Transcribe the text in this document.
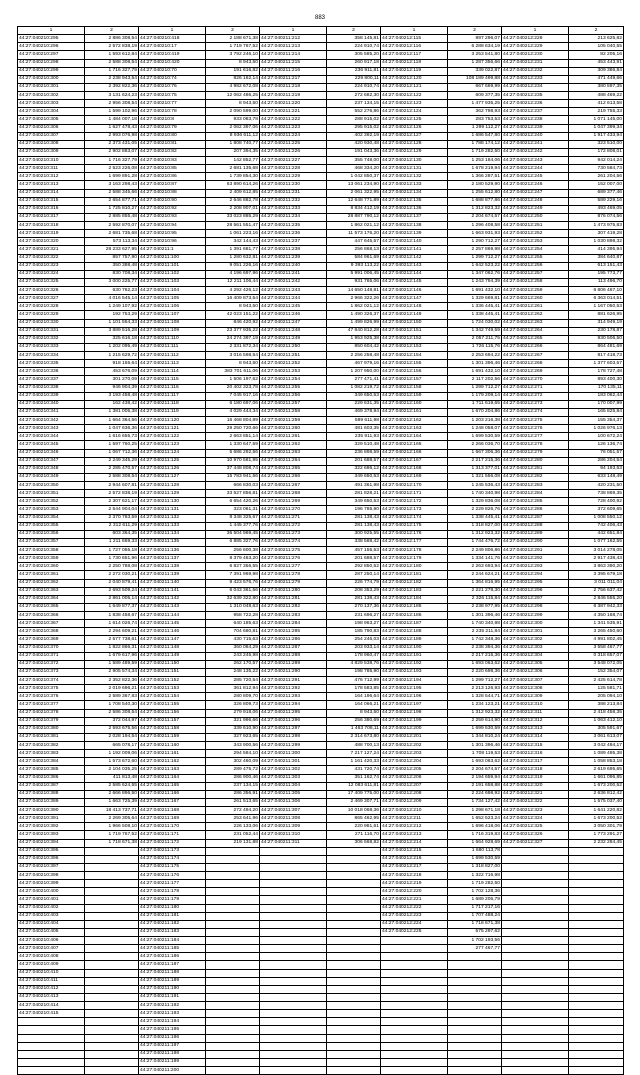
883
1	2	1	2	1	2	1	2	1	2
44:27:040210:295	2 886 308,54	44:27:040210:418	2 188 671,38	44:27:040211:212	358 145,81	44:27:040212:115	897 296,07	44:27:040212:228	213 625,82
44:27:040210:296	2 572 838,19	44:27:040210:17	1 719 767,52	44:27:040211:213	224 910,74	44:27:040212:116	6 288 634,19	44:27:040212:229	105 040,55
44:27:040210:297	1 593 612,84	44:27:040210:419	3 792 246,10	44:27:040211:214	305 585,20	44:27:040212:117	3 253 541,80	44:27:040212:230	82 205,16
44:27:040210:298	2 588 308,54	44:27:040210:420	8 943,50	44:27:040211:215	260 917,18	44:27:040212:118	1 287 356,66	44:27:040212:231	453 443,91
44:27:040210:299	1 716 327,79	44:27:040210:70	191 616,82	44:27:040211:216	236 911,81	44:27:040212:119	339 022,87	44:27:040212:232	309 386,84
44:27:040210:300	2 238 943,54	44:27:040210:74	826 162,14	44:27:040211:217	229 800,11	44:27:040212:120	108 189 499,88	44:27:040212:233	471 449,66
44:27:040210:301	2 392 822,36	44:27:040210:76	4 982 672,08	44:27:040211:218	224 910,74	44:27:040212:121	667 669,99	44:27:040212:234	380 597,35
44:27:040210:302	3 131 624,23	44:27:040210:75	12 062 486,25	44:27:040211:219	272 682,30	44:27:040212:122	609 377,35	44:27:040212:235	488 469,22
44:27:040210:303	2 956 308,54	44:27:040210:77	8 943,50	44:27:040211:220	237 134,15	44:27:040212:123	1 477 935,25	44:27:040212:236	412 613,58
44:27:040210:304	1 599 102,96	44:27:040210:78	2 090 599,00	44:27:040211:221	552 276,86	44:27:040212:124	362 798,93	44:27:040212:237	219 755,33
44:27:040210:305	1 484 007,18	44:27:040210:8	933 083,78	44:27:040211:222	288 915,02	44:27:040212:125	283 753,53	44:27:040212:238	1 071 145,00
44:27:040210:306	1 627 478,43	44:27:040210:79	2 062 397,06	44:27:040211:223	295 915,02	44:27:040212:126	1 299 112,27	44:27:040212:239	1 047 399,34
44:27:040210:307	2 993 076,98	44:27:040210:80	8 936 611,12	44:27:040211:224	402 392,19	44:27:040212:127	1 686 547,80	44:27:040212:240	1 917 433,94
44:27:040210:308	2 373 431,05	44:27:040210:81	1 808 740,77	44:27:040211:225	420 930,48	44:27:040212:128	1 788 174,12	44:27:040212:241	323 510,00
44:27:040210:309	2 902 883,07	44:27:040210:82	207 394,35	44:27:040211:226	191 043,36	44:27:040212:129	1 719 282,50	44:27:040212:242	172 808,01
44:27:040210:310	1 716 327,79	44:27:040210:83	142 852,77	44:27:040211:227	355 748,00	44:27:040212:130	1 253 184,06	44:27:040212:243	942 014,24
44:27:040210:311	2 523 226,08	44:27:040210:85	2 681 135,68	44:27:040211:228	468 334,20	44:27:040212:131	1 678 219,94	44:27:040212:244	730 584,73
44:27:040210:312	1 699 891,28	44:27:040210:86	1 739 854,30	44:27:040211:229	1 042 850,37	44:27:040212:132	1 366 287,51	44:27:040212:245	261 204,56
44:27:040210:313	3 163 298,43	44:27:040210:87	63 890 614,26	44:27:040211:230	13 061 234,90	44:27:040212:133	2 180 529,90	44:27:040212:246	152 007,00
44:27:040210:314	2 588 345,66	44:27:040210:88	2 409 612,85	44:27:040211:231	2 061 322,95	44:27:040212:134	1 255 612,80	44:27:040212:247	689 377,46
44:27:040210:315	2 654 877,71	44:27:040210:90	2 646 882,78	44:27:040211:232	12 648 771,89	44:27:040212:135	1 688 877,86	44:27:040212:248	589 229,16
44:27:040210:316	1 725 810,27	44:27:040210:92	2 208 907,01	44:27:040211:233	8 834 412,19	44:27:040212:136	1 312 823,32	44:27:040212:249	493 469,05
44:27:040210:317	2 885 855,48	44:27:040210:93	33 023 885,29	44:27:040211:234	28 887 790,12	44:27:040212:137	2 204 674,57	44:27:040212:250	876 074,56
44:27:040210:318	2 592 870,07	44:27:040210:94	28 561 551,47	44:27:040211:235	1 862 021,12	44:27:040212:138	1 296 408,58	44:27:040212:251	1 473 975,83
44:27:040210:319	2 681 735,68	44:27:040210:95	1 061 223,16	44:27:040211:236	11 573 176,20	44:27:040212:139	1 663 931,93	44:27:040212:252	307 419,28
44:27:040210:320	573 113,34	44:27:040210:96	342 144,43	44:27:040211:237	447 645,57	44:27:040212:140	1 290 712,27	44:27:040212:253	1 030 898,32
44:27:040210:321	28 233 627,95	44:27:040211:1	1 391 681,77	44:27:040211:238	256 868,13	44:27:040212:141	2 257 869,98	44:27:040212:254	414 395,94
44:27:040210:322	857 757,90	44:27:040211:100	1 280 632,81	44:27:040211:239	584 961,69	44:27:040212:142	1 299 712,27	44:27:040212:255	384 640,87
44:27:040210:323	350 388,48	44:27:040211:101	9 051 226,16	44:27:040211:240	9 393 113,22	44:27:040212:143	1 642 523,22	44:27:040212:256	613 151,43
44:27:040210:324	830 708,34	44:27:040211:102	4 196 697,96	44:27:040211:241	5 991 006,45	44:27:040212:144	1 347 062,76	44:27:040212:257	195 773,77
44:27:040210:325	3 000 225,77	44:27:040211:103	12 211 106,44	44:27:040211:242	931 765,06	44:27:040212:145	1 243 794,39	44:27:040212:258	113 496,70
44:27:040210:326	630 762,23	44:27:040211:104	4 292 426,12	44:27:040211:243	14 650 148,81	44:27:040212:146	1 691 432,10	44:27:040212:259	6 806 467,10
44:27:040210:327	4 016 545,14	44:27:040211:105	16 409 873,54	44:27:040211:244	2 966 322,26	44:27:040212:147	1 329 669,81	44:27:040212:260	6 363 014,51
44:27:040210:328	1 249 107,92	44:27:040211:106	8 943,50	44:27:040211:245	1 862 021,12	44:27:040212:148	1 336 445,41	44:27:040212:261	1 167 050,53
44:27:040210:329	192 753,29	44:27:040211:107	42 023 151,22	44:27:040211:246	1 490 326,37	44:27:040212:149	1 338 445,41	44:27:040212:262	881 626,95
44:27:040210:330	1 101 554,33	44:27:040211:108	846 420,92	44:27:040211:247	1 499 826,99	44:27:040212:150	1 724 030,02	44:27:040212:263	314 949,19
44:27:040210:331	3 889 516,28	44:27:040211:109	23 377 935,22	44:27:040211:248	47 840 812,28	44:27:040212:151	1 342 749,59	44:27:040212:264	230 178,87
44:27:040210:332	325 616,18	44:27:040211:110	24 274 397,19	44:27:040211:249	1 953 925,38	44:27:040212:152	2 057 211,75	44:27:040212:265	930 506,50
44:27:040210:333	1 202 095,49	44:27:040211:111	2 331 872,34	44:27:040211:250	850 604,42	44:27:040212:153	1 726 115,76	44:27:040212:266	864 481,69
44:27:040210:334	1 215 629,72	44:27:040211:112	3 016 598,54	44:27:040211:251	2 256 258,48	44:27:040212:154	2 253 694,22	44:27:040212:267	817 418,73
44:27:040210:335	918 155,64	44:27:040211:113	8 943,50	44:27:040211:252	467 979,16	44:27:040212:155	1 301 396,46	44:27:040212:268	1 377 603,57
44:27:040210:336	453 676,09	44:27:040211:114	383 701 611,06	44:27:040211:253	1 207 950,00	44:27:040212:156	1 691 432,10	44:27:040212:269	178 727,48
44:27:040210:337	301 270,09	44:27:040211:115	1 506 197,62	44:27:040211:254	277 471,41	44:27:040212:157	2 117 202,56	44:27:040212:270	893 400,30
44:27:040210:338	946 904,39	44:27:040211:116	20 402 323,78	44:27:040211:255	1 082 219,72	44:27:040212:158	1 299 712,27	44:27:040212:271	170 135,11
44:27:040210:339	3 193 458,48	44:27:040211:117	7 045 917,16	44:27:040211:256	349 650,53	44:27:040212:159	1 179 209,14	44:27:040212:272	183 062,44
44:27:040210:340	162 438,42	44:27:040211:118	6 180 697,06	44:27:040211:257	229 631,35	44:27:040212:160	1 711 619,65	44:27:040212:273	170 007,99
44:27:040210:341	1 381 005,38	44:27:040211:119	4 029 444,34	44:27:040211:258	469 378,94	44:27:040212:161	1 670 204,86	44:27:040212:274	165 825,84
44:27:040210:342	1 664 364,56	44:27:040211:120	16 468 804,89	44:27:040211:259	589 611,98	44:27:040212:162	1 203 216,38	44:27:040212:275	155 354,37
44:27:040210:343	1 047 636,36	44:27:040211:121	29 250 720,66	44:27:040211:260	481 603,35	44:27:040212:163	1 248 058,07	44:27:040212:276	1 026 976,13
44:27:040210:344	1 616 655,73	44:27:040211:122	2 663 851,14	44:27:040211:261	235 911,93	44:27:040212:164	1 699 530,59	44:27:040212:277	100 672,24
44:27:040210:345	1 597 760,25	44:27:040211:123	1 330 647,59	44:27:040211:262	329 510,48	44:27:040212:165	2 266 036,70	44:27:040212:278	126 136,74
44:27:040210:346	1 067 712,36	44:27:040211:124	5 686 292,56	44:27:040211:263	236 898,59	44:27:040212:166	1 667 306,36	44:27:040212:279	76 051,57
44:27:040210:347	2 249 345,29	44:27:040211:125	10 970 581,95	44:27:040211:264	201 688,57	44:27:040212:167	2 217 215,36	44:27:040212:280	286 204,54
44:27:040210:348	2 285 470,57	44:27:040211:126	37 448 808,74	44:27:040211:265	322 686,12	44:27:040212:168	1 313 377,01	44:27:040212:281	94 193,53
44:27:040210:349	2 588 308,54	44:27:040211:127	15 783 941,56	44:27:040211:266	349 650,53	44:27:040212:169	1 321 556,08	44:27:040212:282	633 148,49
44:27:040210:350	2 944 607,81	44:27:040211:128	666 830,03	44:27:040211:267	491 361,98	44:27:040212:170	1 245 536,43	44:27:040212:283	420 231,50
44:27:040210:351	2 572 838,19	44:27:040211:129	33 527 856,81	44:27:040211:268	281 828,21	44:27:040212:171	1 740 340,98	44:27:040212:284	738 869,35
44:27:040210:352	2 307 621,17	44:27:040211:130	6 654 420,26	44:27:040211:269	349 650,53	44:27:040212:172	1 329 836,08	44:27:040212:285	728 400,92
44:27:040210:353	2 544 904,04	44:27:040211:131	323 061,31	44:27:040211:270	196 785,90	44:27:040212:173	2 229 826,76	44:27:040212:286	372 609,65
44:27:040210:354	2 370 783,59	44:27:040211:132	8 348 325,67	44:27:040211:271	281 138,43	44:27:040212:174	1 338 445,41	44:27:040212:287	1 008 550,12
44:27:040210:355	2 312 611,29	44:27:040211:133	1 445 377,76	44:27:040211:272	281 138,43	44:27:040212:175	1 318 827,00	44:27:040212:288	742 406,43
44:27:040210:356	603 364,35	44:27:040211:134	36 504 969,45	44:27:040211:273	300 925,55	44:27:040212:176	1 312 923,32	44:27:040212:289	442 651,84
44:27:040210:357	1 211 669,33	44:27:040211:135	6 885 327,76	44:27:040211:274	338 588,42	44:27:040212:177	1 744 476,72	44:27:040212:290	1 077 162,55
44:27:040210:358	1 727 055,18	44:27:040211:136	256 600,38	44:27:040211:275	457 155,53	44:27:040212:178	2 249 806,86	44:27:040212:291	3 014 278,05
44:27:040210:359	1 730 651,96	44:27:040211:137	8 379 463,20	44:27:040211:276	201 688,57	44:27:040212:179	1 334 141,76	44:27:040212:292	2 917 438,43
44:27:040210:360	2 250 788,08	44:27:040211:138	6 827 356,55	44:27:040211:277	292 850,52	44:27:040212:180	2 263 693,94	44:27:040212:293	3 863 390,20
44:27:040210:361	2 272 030,21	44:27:040211:139	7 391 969,98	44:27:040211:278	287 250,14	44:27:040212:181	2 244 624,21	44:27:040212:294	3 395 679,18
44:27:040210:362	2 040 879,41	44:27:040211:140	9 423 576,76	44:27:040211:279	226 774,79	44:27:040212:182	1 364 816,95	44:27:040212:295	3 011 011,04
44:27:040210:363	2 693 509,24	44:27:040211:141	6 043 361,56	44:27:040211:280	208 353,29	44:27:040212:183	2 221 278,30	44:27:040212:296	2 756 637,42
44:27:040210:364	2 861 005,14	44:27:040211:142	32 639 322,80	44:27:040211:281	281 138,43	44:27:040212:184	2 326 115,84	44:27:040212:297	2 846 555,20
44:27:040210:365	1 649 877,37	44:27:040211:143	1 310 048,63	44:27:040211:282	270 137,36	44:27:040212:185	2 238 977,95	44:27:040212:298	6 387 942,33
44:27:040210:366	1 838 458,67	44:27:040211:144	958 722,28	44:27:040211:283	231 696,27	44:27:040212:186	1 301 396,46	44:27:040212:299	4 350 168,74
44:27:040210:367	1 614 026,74	44:27:040211:145	640 185,63	44:27:040211:284	198 963,27	44:27:040212:187	1 740 340,98	44:27:040212:300	1 341 535,91
44:27:040210:368	2 294 609,21	44:27:040211:146	704 680,81	44:27:040211:285	185 790,83	44:27:040212:188	2 235 211,84	44:27:040212:301	3 265 450,60
44:27:040210:369	2 577 738,61	44:27:040211:147	430 715,63	44:27:040211:286	254 246,03	44:27:040212:189	1 742 348,36	44:27:040212:302	4 991 802,45
44:27:040210:370	1 822 866,31	44:27:040211:148	360 084,29	44:27:040211:287	203 933,14	44:27:040212:190	2 238 394,36	44:27:040212:303	3 558 467,77
44:27:040210:371	1 679 617,96	44:27:040211:149	243 245,98	44:27:040211:288	178 960,47	44:27:040212:191	2 217 215,36	44:27:040212:304	0 318 657,07
44:27:040210:372	1 589 489,59	44:27:040211:150	262 170,57	44:27:040211:289	4 829 538,76	44:27:040212:192	1 693 063,62	44:27:040212:305	3 548 072,05
44:27:040210:373	2 905 574,34	44:27:040211:151	248 135,22	44:27:040211:290	198 785,90	44:27:040212:193	2 220 698,36	44:27:040212:306	152 354,07
44:27:040210:374	2 352 822,36	44:27:040211:152	285 720,54	44:27:040211:291	476 712,99	44:27:040212:194	1 299 712,27	44:27:040212:307	2 425 614,78
44:27:040210:375	2 019 696,21	44:27:040211:153	361 812,94	44:27:040211:292	178 583,85	44:27:040212:195	2 213 126,93	44:27:040212:308	125 581,71
44:27:040210:376	2 589 367,83	44:27:040211:154	280 809,70	44:27:040211:293	164 196,64	44:27:040212:196	1 328 544,71	44:27:040212:309	205 094,10
44:27:040210:377	1 708 540,30	44:27:040211:155	326 809,73	44:27:040211:294	164 066,21	44:27:040212:197	1 234 123,21	44:27:040212:310	388 213,84
44:27:040210:378	2 586 308,54	44:27:040211:156	279 918,06	44:27:040211:295	8 943,50	44:27:040212:198	1 312 923,32	44:27:040212:311	2 418 458,35
44:27:040210:379	372 044,97	44:27:040211:157	321 996,66	44:27:040211:296	256 380,69	44:27:040212:199	2 259 614,90	44:27:040212:312	1 063 412,10
44:27:040210:380	2 593 675,56	44:27:040211:158	339 610,90	44:27:040211:297	1 463 708,11	44:27:040212:200	1 699 530,59	44:27:040212:313	305 591,67
44:27:040210:381	2 028 194,54	44:27:040211:159	327 923,65	44:27:040211:298	2 314 673,80	44:27:040212:201	1 344 810,24	44:27:040212:314	3 061 613,07
44:27:040210:382	665 078,17	44:27:040211:160	343 900,56	44:27:040211:299	488 700,13	44:27:040212:202	1 301 396,46	44:27:040212:315	3 042 494,17
44:27:040210:383	1 192 009,06	44:27:040211:161	294 584,10	44:27:040211:300	7 217 127,24	44:27:040212:203	1 708 119,53	44:27:040212:316	1 089 495,38
44:27:040210:384	1 573 672,60	44:27:040211:162	302 460,09	44:27:040211:301	1 161 420,33	44:27:040212:204	1 693 063,62	44:27:040212:317	1 058 853,18
44:27:040210:385	2 104 035,25	44:27:040211:163	289 475,72	44:27:040211:302	431 720,74	44:27:040212:205	2 204 674,57	44:27:040212:318	2 619 695,65
44:27:040210:386	411 813,48	44:27:040211:164	286 900,46	44:27:040211:303	351 162,74	44:27:040212:206	2 194 659,94	44:27:040212:319	1 661 096,85
44:27:040210:387	2 585 624,55	44:27:040211:165	237 134,15	44:27:040211:304	12 083 611,81	44:27:040212:207	2 191 658,88	44:27:040212:320	1 673 200,52
44:27:040210:388	2 666 896,50	44:27:040211:166	286 356,91	44:27:040211:305	17 409 775,00	44:27:040212:208	2 224 698,92	44:27:040212:321	2 636 812,42
44:27:040210:389	1 663 725,39	44:27:040211:167	261 513,65	44:27:040211:306	2 469 307,71	44:27:040212:209	1 734 127,42	44:27:040212:322	1 575 037,40
44:27:040210:390	18 413 737,71	44:27:040211:168	272 494,20	44:27:040211:307	10 018 068,36	44:27:040212:210	1 298 671,18	44:27:040212:323	1 641 220,82
44:27:040210:391	2 269 305,64	44:27:040211:169	253 641,96	44:27:040211:308	865 462,95	44:27:040212:211	1 652 523,24	44:27:040212:324	1 673 200,52
44:27:040210:392	1 966 508,10	44:27:040211:170	226 133,06	44:27:040211:309	220 981,61	44:27:040212:212	1 696 418,06	44:27:040212:325	3 050 301,79
44:27:040210:393	1 719 767,52	44:27:040211:171	231 052,44	44:27:040211:310	271 116,70	44:27:040212:213	1 716 319,83	44:27:040212:326	1 773 291,27
44:27:040210:394	1 718 671,38	44:27:040211:172	219 131,88	44:27:040211:311	306 568,82	44:27:040212:214	1 664 928,69	44:27:040212:327	2 232 284,45
44:27:040210:395		44:27:040211:173				44:27:040212:215	1 680 113,78		
44:27:040210:396		44:27:040211:174				44:27:040212:216	1 699 530,59		
44:27:040210:397		44:27:040211:175				44:27:040212:217	1 318 827,00		
44:27:040210:398		44:27:040211:176				44:27:040212:218	1 322 716,98		
44:27:040210:399		44:27:040211:177				44:27:040212:219	1 719 282,50		
44:27:040210:400		44:27:040211:178				44:27:040212:220	1 702 128,36		
44:27:040210:401		44:27:040211:179				44:27:040212:221	1 689 205,79		
44:27:040210:402		44:27:040211:180				44:27:040212:222	1 717 217,16		
44:27:040210:403		44:27:040211:181				44:27:040212:223	1 707 488,24		
44:27:040210:404		44:27:040211:182				44:27:040212:224	1 718 671,38		
44:27:040210:405		44:27:040211:183				44:27:040212:225	575 297,62		
44:27:040210:406		44:27:040211:184					1 702 193,56		
44:27:040210:407		44:27:040211:185					277 467,77		
44:27:040210:408		44:27:040211:186							
44:27:040210:409		44:27:040211:187							
44:27:040210:410		44:27:040211:188							
44:27:040210:411		44:27:040211:189							
44:27:040210:412		44:27:040211:190							
44:27:040210:413		44:27:040211:191							
44:27:040210:414		44:27:040211:192							
44:27:040210:415		44:27:040211:193							
		44:27:040211:194							
		44:27:040211:195							
		44:27:040211:196							
		44:27:040211:197							
		44:27:040211:198							
		44:27:040211:199							
		44:27:040211:200							
